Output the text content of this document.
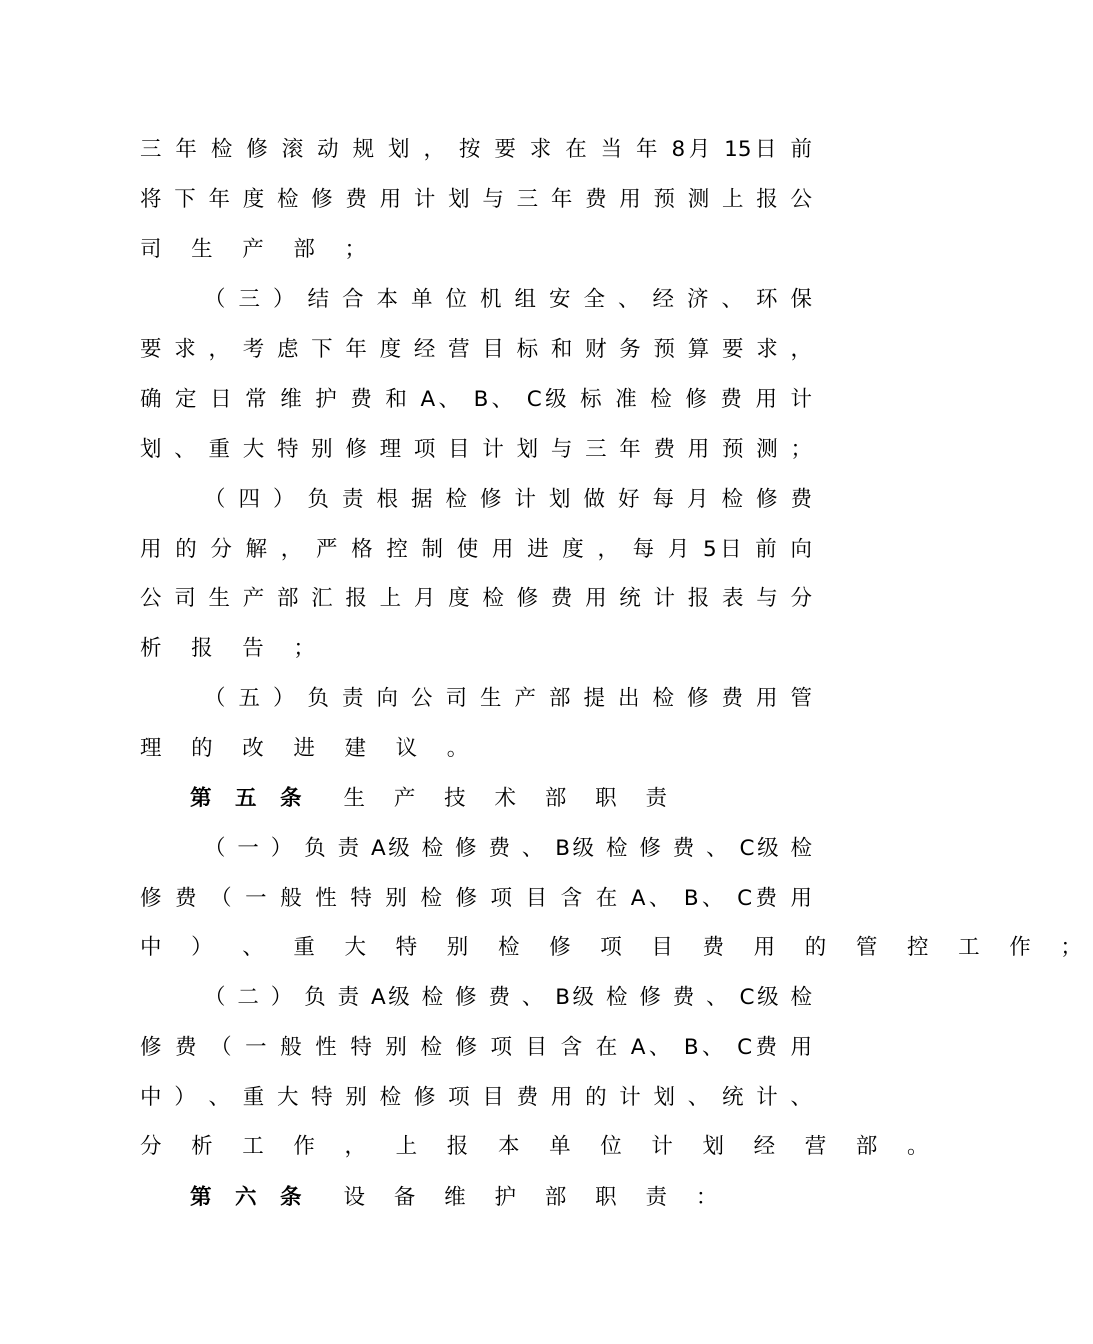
三 年 检 修 滚 动 规 划 ， 按 要 求 在 当 年 8月 15日 前
将 下 年 度 检 修 费 用 计 划 与 三 年 费 用 预 测 上 报 公
司 生 产 部 ；
（ 三 ） 结 合 本 单 位 机 组 安 全 、 经 济 、 环 保
要 求 ， 考 虑 下 年 度 经 营 目 标 和 财 务 预 算 要 求 ，
确 定 日 常 维 护 费 和 A、 B、 C级 标 准 检 修 费 用 计
划 、 重 大 特 别 修 理 项 目 计 划 与 三 年 费 用 预 测 ；
（ 四 ） 负 责 根 据 检 修 计 划 做 好 每 月 检 修 费
用 的 分 解 ， 严 格 控 制 使 用 进 度 ， 每 月 5日 前 向
公 司 生 产 部 汇 报 上 月 度 检 修 费 用 统 计 报 表 与 分
析 报 告 ；
（ 五 ） 负 责 向 公 司 生 产 部 提 出 检 修 费 用 管
理 的 改 进 建 议 。
第 五 条 生 产 技 术 部 职 责
（ 一 ） 负 责 A级 检 修 费 、 B级 检 修 费 、 C级 检
修 费 （ 一 般 性 特 别 检 修 项 目 含 在 A、 B、 C费 用
中 ） 、 重 大 特 别 检 修 项 目 费 用 的 管 控 工 作 ；
（ 二 ） 负 责 A级 检 修 费 、 B级 检 修 费 、 C级 检
修 费 （ 一 般 性 特 别 检 修 项 目 含 在 A、 B、 C费 用
中 ） 、 重 大 特 别 检 修 项 目 费 用 的 计 划 、 统 计 、
分 析 工 作 ， 上 报 本 单 位 计 划 经 营 部 。
第 六 条 设 备 维 护 部 职 责 ：
